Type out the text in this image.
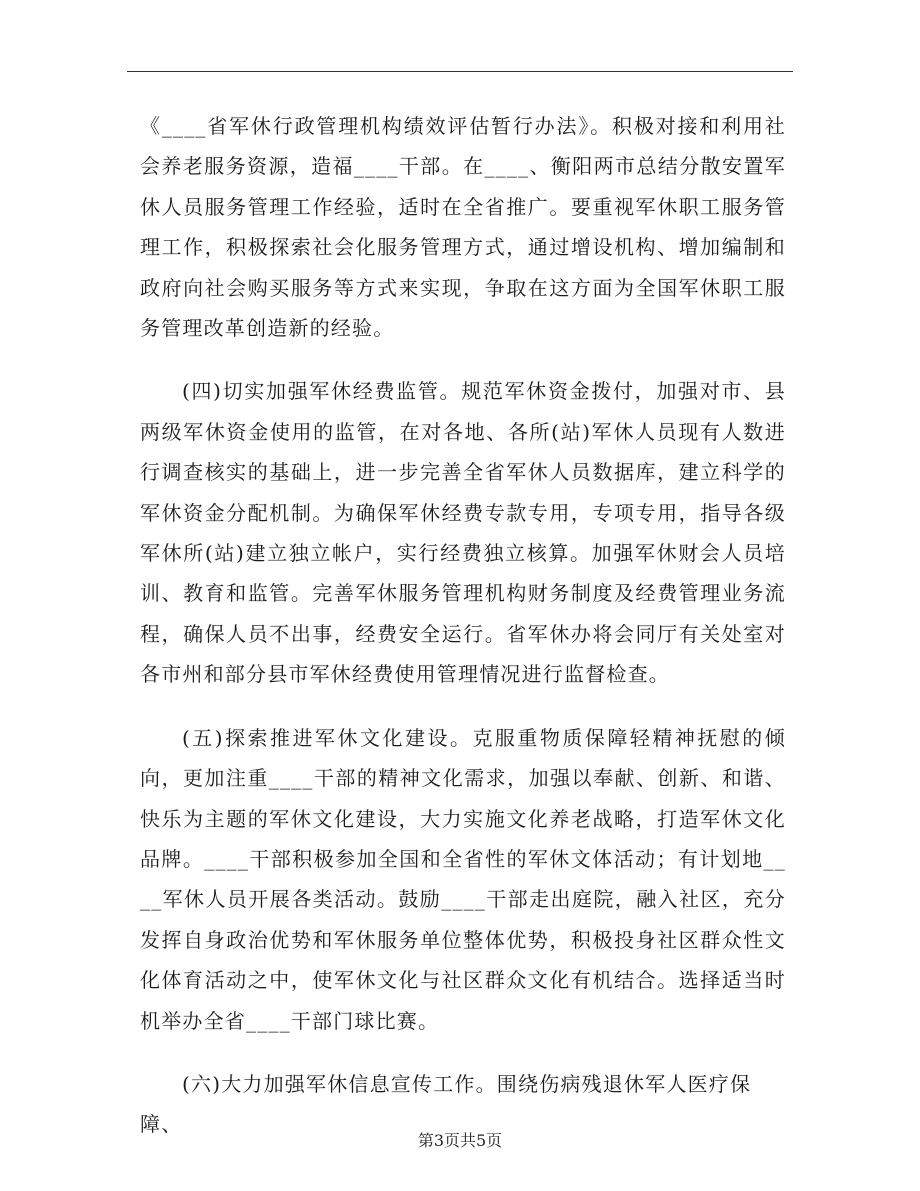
《____省军休行政管理机构绩效评估暂行办法》。积极对接和利用社会养老服务资源，造福____干部。在____、衡阳两市总结分散安置军休人员服务管理工作经验，适时在全省推广。要重视军休职工服务管理工作，积极探索社会化服务管理方式，通过增设机构、增加编制和政府向社会购买服务等方式来实现，争取在这方面为全国军休职工服务管理改革创造新的经验。

(四)切实加强军休经费监管。规范军休资金拨付，加强对市、县两级军休资金使用的监管，在对各地、各所(站)军休人员现有人数进行调查核实的基础上，进一步完善全省军休人员数据库，建立科学的军休资金分配机制。为确保军休经费专款专用，专项专用，指导各级军休所(站)建立独立帐户，实行经费独立核算。加强军休财会人员培训、教育和监管。完善军休服务管理机构财务制度及经费管理业务流程，确保人员不出事，经费安全运行。省军休办将会同厅有关处室对各市州和部分县市军休经费使用管理情况进行监督检查。

(五)探索推进军休文化建设。克服重物质保障轻精神抚慰的倾向，更加注重____干部的精神文化需求，加强以奉献、创新、和谐、快乐为主题的军休文化建设，大力实施文化养老战略，打造军休文化品牌。____干部积极参加全国和全省性的军休文体活动；有计划地____军休人员开展各类活动。鼓励____干部走出庭院，融入社区，充分发挥自身政治优势和军休服务单位整体优势，积极投身社区群众性文化体育活动之中，使军休文化与社区群众文化有机结合。选择适当时机举办全省____干部门球比赛。

(六)大力加强军休信息宣传工作。围绕伤病残退休军人医疗保障、

第3页共5页
